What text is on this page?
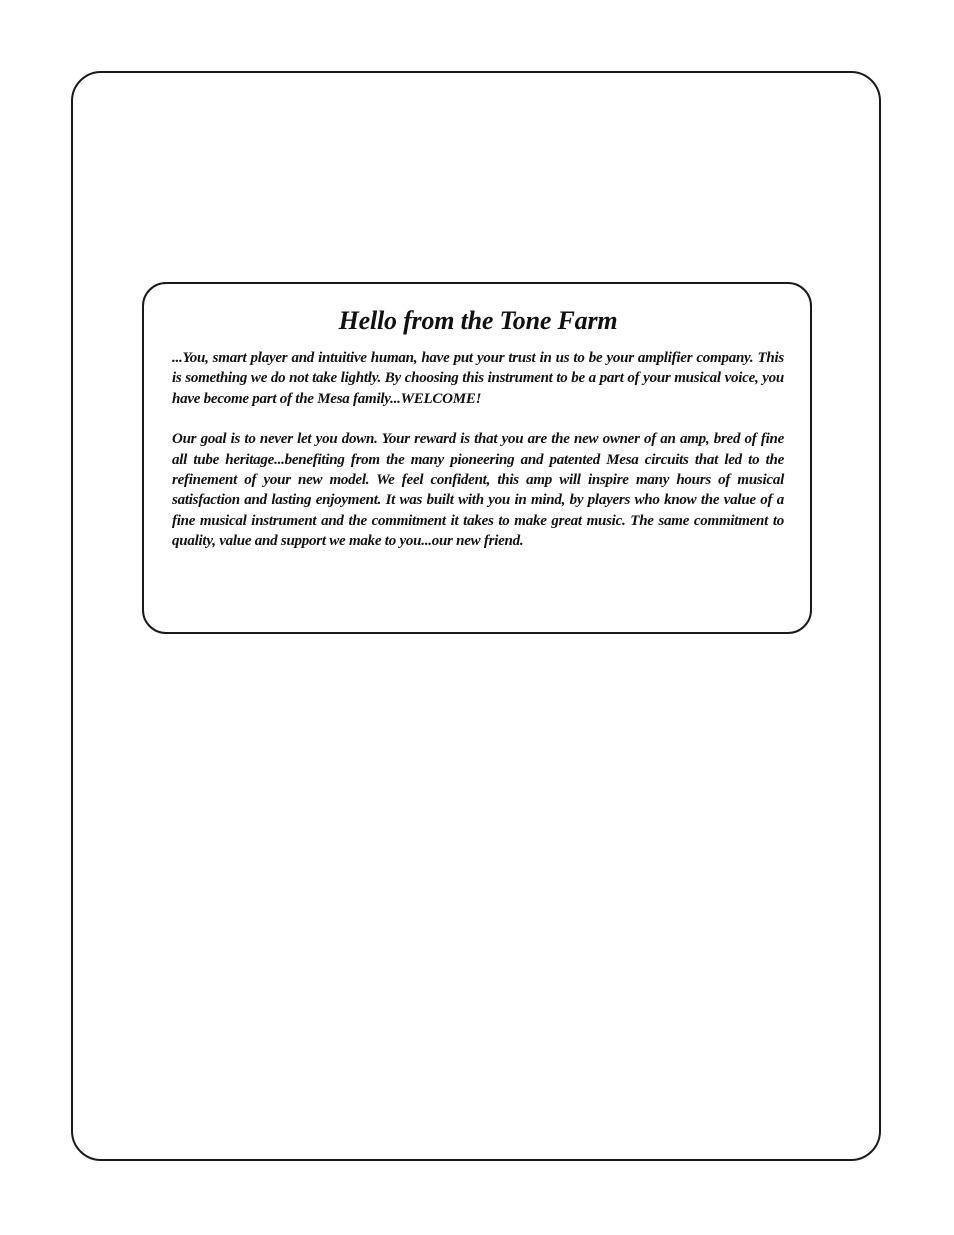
Hello from the Tone Farm

...You, smart player and intuitive human, have put your trust in us to be your amplifier company. This is something we do not take lightly. By choosing this instrument to be a part of your musical voice, you have become part of the Mesa family...WELCOME!

Our goal is to never let you down. Your reward is that you are the new owner of an amp, bred of fine all tube heritage...benefiting from the many pioneering and patented Mesa circuits that led to the refinement of your new model. We feel confident, this amp will inspire many hours of musical satisfaction and lasting enjoyment. It was built with you in mind, by players who know the value of a fine musical instrument and the commitment it takes to make great music. The same commitment to quality, value and support we make to you...our new friend.
